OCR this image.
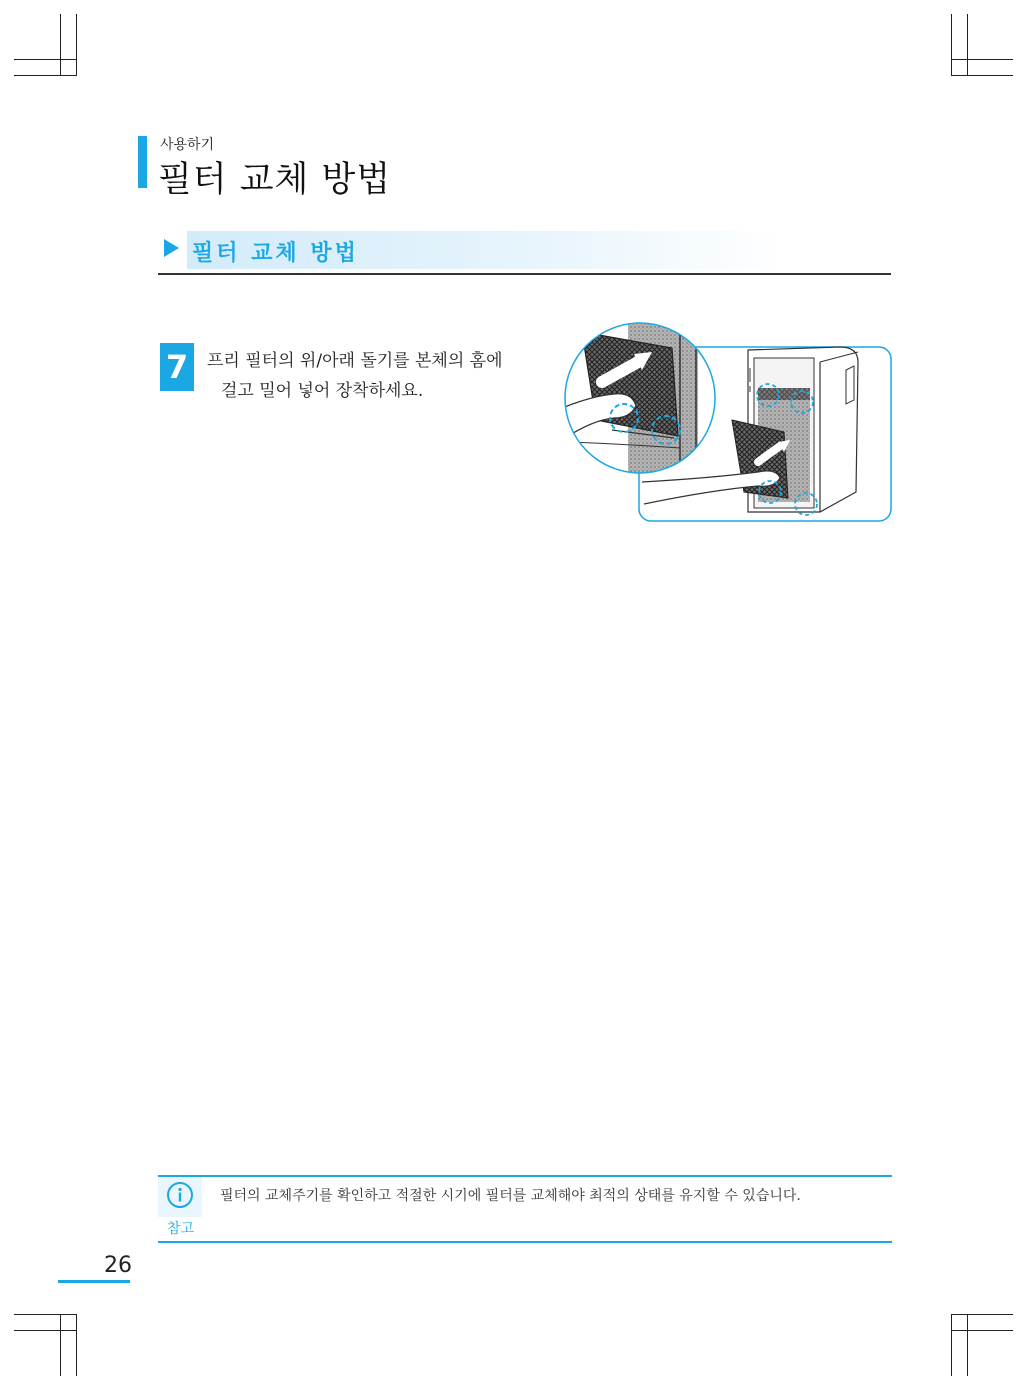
사용하기
필터 교체 방법
필터 교체 방법
7	프리 필터의 위/아래 돌기를 본체의 홈에
걸고 밀어 넣어 장착하세요.
참고
필터의 교체주기를 확인하고 적절한 시기에 필터를 교체해야 최적의 상태를 유지할 수 있습니다.
26
